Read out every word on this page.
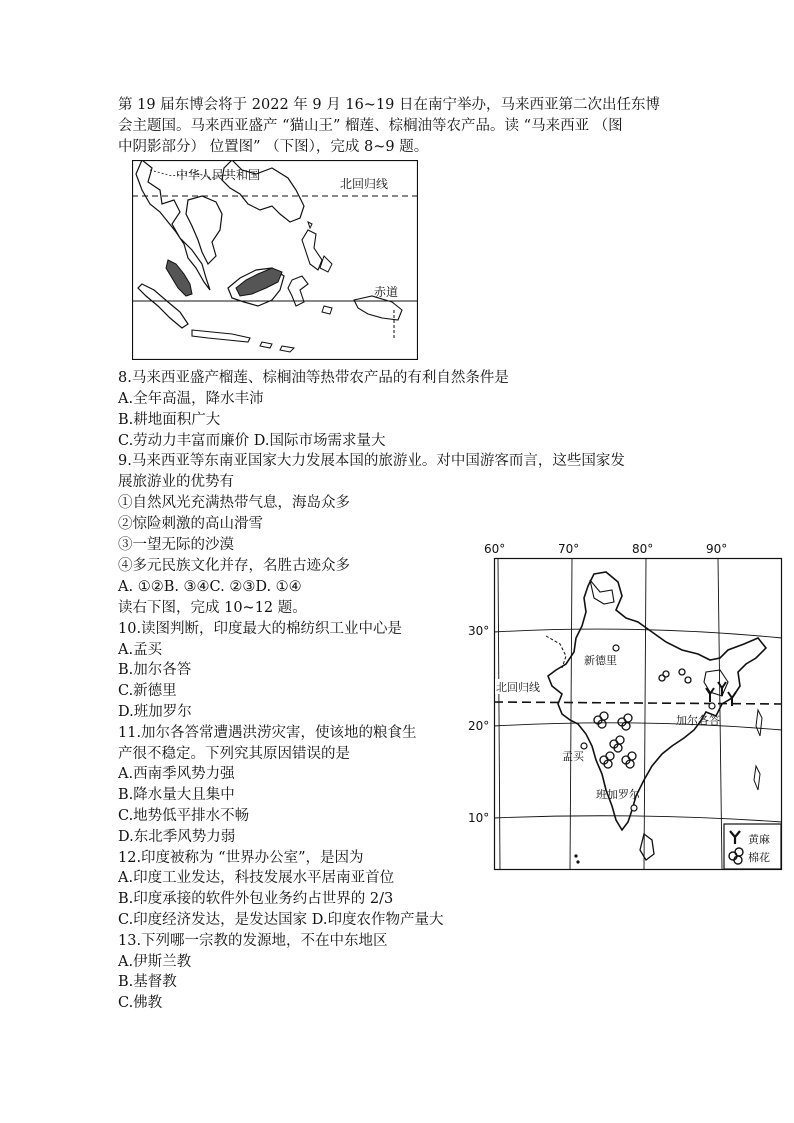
第 19 届东博会将于 2022 年 9 月 16~19 日在南宁举办，马来西亚第二次出任东博
会主题国。马来西亚盛产 “猫山王” 榴莲、棕榈油等农产品。读 “马来西亚 （图
中阴影部分） 位置图” （下图），完成 8~9 题。
中华人民共和国
北回归线
赤道
8.马来西亚盛产榴莲、棕榈油等热带农产品的有利自然条件是
A.全年高温，降水丰沛
B.耕地面积广大
C.劳动力丰富而廉价 D.国际市场需求量大
9.马来西亚等东南亚国家大力发展本国的旅游业。对中国游客而言，这些国家发
展旅游业的优势有
①自然风光充满热带气息，海岛众多
②惊险刺激的高山滑雪
③一望无际的沙漠
④多元民族文化并存，名胜古迹众多
A. ①②B. ③④C. ②③D. ①④
读右下图，完成 10~12 题。
10.读图判断，印度最大的棉纺织工业中心是
A.孟买
B.加尔各答
C.新德里
D.班加罗尔
11.加尔各答常遭遇洪涝灾害，使该地的粮食生
产很不稳定。下列究其原因错误的是
A.西南季风势力强
B.降水量大且集中
C.地势低平排水不畅
D.东北季风势力弱
12.印度被称为 “世界办公室”，是因为
A.印度工业发达，科技发展水平居南亚首位
B.印度承接的软件外包业务约占世界的 2/3
C.印度经济发达，是发达国家 D.印度农作物产量大
13.下列哪一宗教的发源地，不在中东地区
A.伊斯兰教
B.基督教
C.佛教
60°	70°	80°	90°
30°
20°
10°
北回归线
新德里
孟买
加尔各答
班加罗尔
黄麻
棉花
